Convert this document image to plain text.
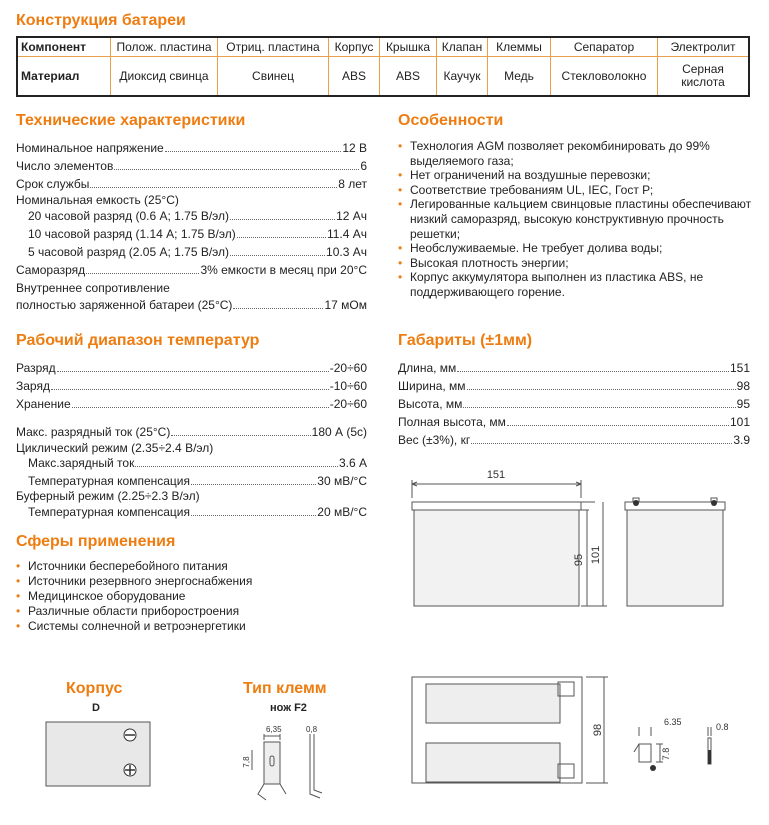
Конструкция батареи
Компонент	Полож. пластина	Отриц. пластина	Корпус	Крышка	Клапан	Клеммы	Сепаратор	Электролит
Материал	Диоксид свинца	Свинец	ABS	ABS	Каучук	Медь	Стекловолокно	Серная кислота
Технические характеристики
Номинальное напряжение	12 В
Число элементов	6
Срок службы	8 лет
Номинальная емкость (25°С)
20 часовой разряд (0.6 А; 1.75 В/эл)	12 Ач
10 часовой разряд (1.14 А; 1.75 В/эл)	11.4 Ач
5 часовой разряд (2.05 А; 1.75 В/эл)	10.3 Ач
Саморазряд	3% емкости в месяц при 20°С
Внутреннее сопротивление
полностью заряженной батареи (25°С)	17 мОм
Рабочий диапазон температур
Разряд	-20÷60
Заряд	-10÷60
Хранение	-20÷60
Макс. разрядный ток (25°С)	180 А (5с)
Циклический режим (2.35÷2.4 В/эл)
Макс.зарядный ток	3.6 А
Температурная компенсация	30 мВ/°С
Буферный режим (2.25÷2.3 В/эл)
Температурная компенсация	20 мВ/°С
Сферы применения
• Источники бесперебойного питания
• Источники резервного энергоснабжения
• Медицинское оборудование
• Различные области приборостроения
• Системы солнечной и ветроэнергетики
Особенности
• Технология AGM позволяет рекомбинировать до 99% выделяемого газа;
• Нет ограничений на воздушные перевозки;
• Соответствие требованиям UL, IEC, Гост Р;
• Легированные кальцием свинцовые пластины обеспечивают низкий саморазряд, высокую конструктивную прочность решетки;
• Необслуживаемые. Не требует долива воды;
• Высокая плотность энергии;
• Корпус аккумулятора выполнен из пластика ABS, не поддерживающего горение.
Габариты (±1мм)
Длина, мм	151
Ширина, мм	98
Высота, мм	95
Полная высота, мм	101
Вес (±3%), кг	3.9
151
95 101
98
6.35	0.8
7.8
Корпус
D
Тип клемм
нож F2
6,35	0,8
7,8
